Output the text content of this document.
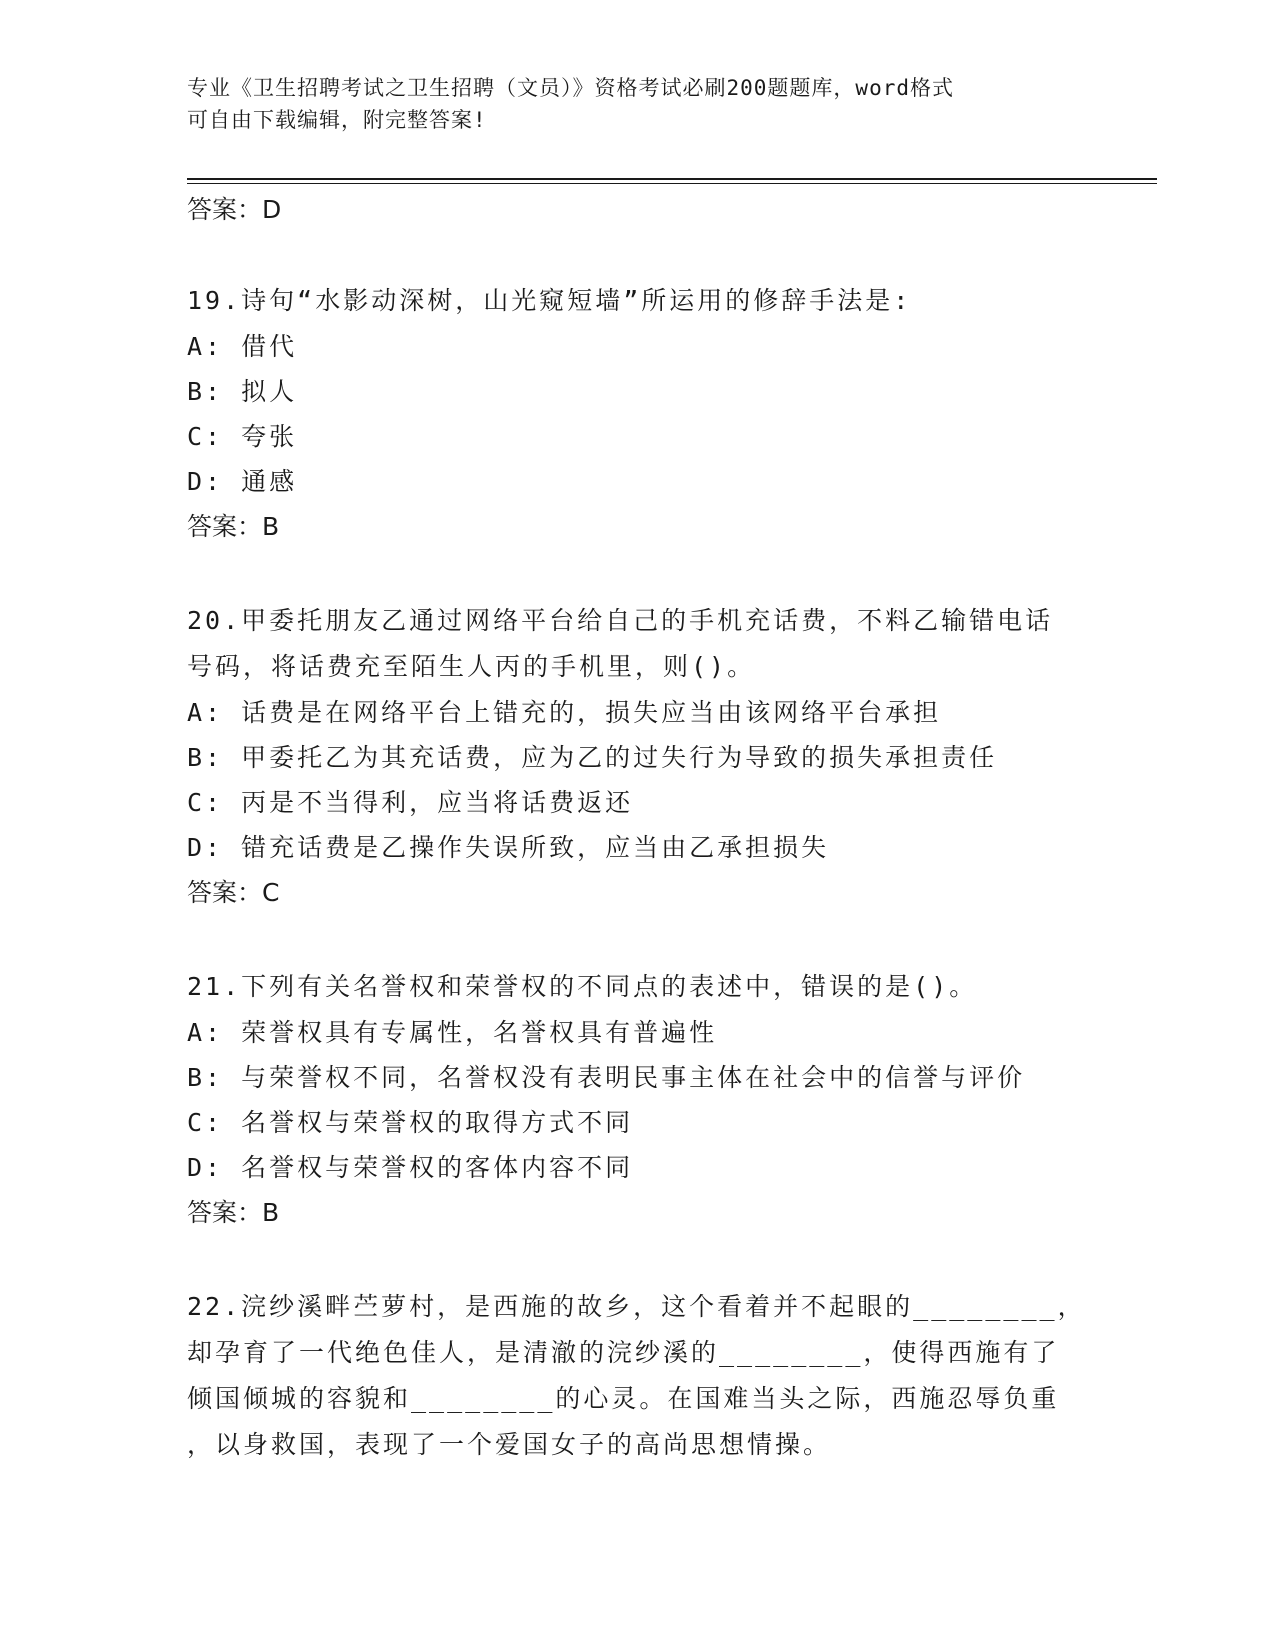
专业《卫生招聘考试之卫生招聘（文员）》资格考试必刷200题题库，word格式
可自由下载编辑，附完整答案!
答案：D
19.诗句“水影动深树，山光窥短墙”所运用的修辞手法是:
A: 借代
B: 拟人
C: 夸张
D: 通感
答案：B
20.甲委托朋友乙通过网络平台给自己的手机充话费，不料乙输错电话
号码，将话费充至陌生人丙的手机里，则()。
A: 话费是在网络平台上错充的，损失应当由该网络平台承担
B: 甲委托乙为其充话费，应为乙的过失行为导致的损失承担责任
C: 丙是不当得利，应当将话费返还
D: 错充话费是乙操作失误所致，应当由乙承担损失
答案：C
21.下列有关名誉权和荣誉权的不同点的表述中，错误的是()。
A: 荣誉权具有专属性，名誉权具有普遍性
B: 与荣誉权不同，名誉权没有表明民事主体在社会中的信誉与评价
C: 名誉权与荣誉权的取得方式不同
D: 名誉权与荣誉权的客体内容不同
答案：B
22.浣纱溪畔苎萝村，是西施的故乡，这个看着并不起眼的________，
却孕育了一代绝色佳人，是清澈的浣纱溪的________，使得西施有了
倾国倾城的容貌和________的心灵。在国难当头之际，西施忍辱负重
，以身救国，表现了一个爱国女子的高尚思想情操。
